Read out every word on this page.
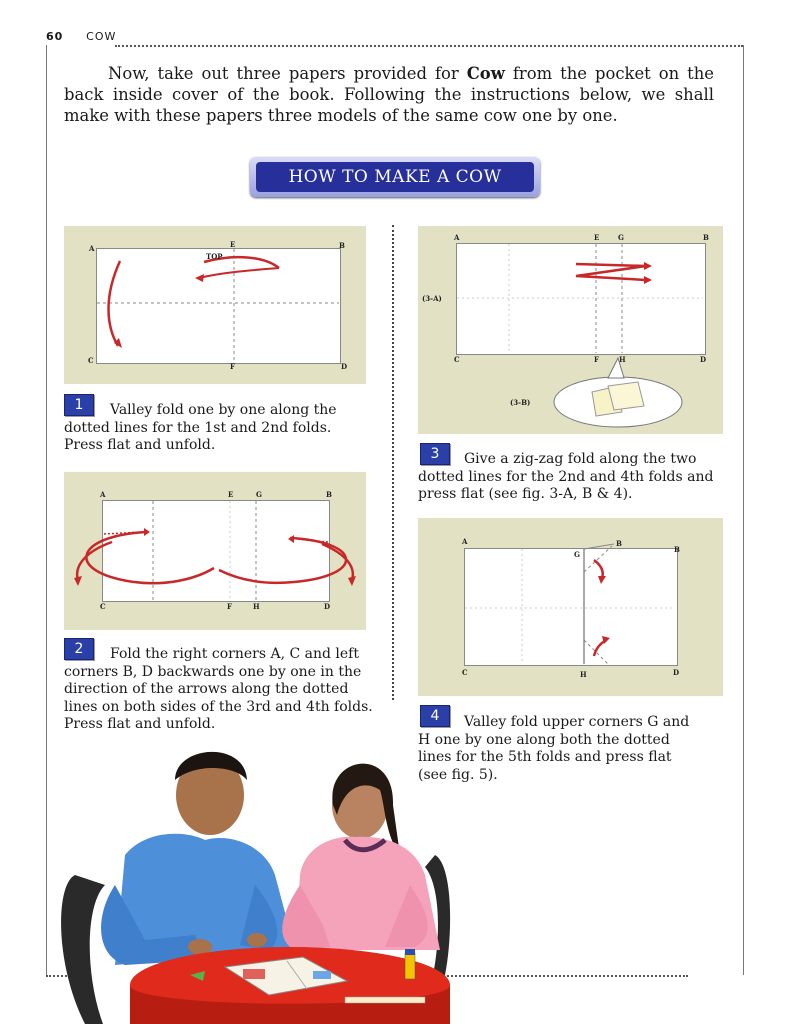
60 COW

Now, take out three papers provided for Cow from the pocket on the back inside cover of the book. Following the instructions below, we shall make with these papers three models of the same cow one by one.

HOW TO MAKE A COW
A	E	B
TOP
C
F	D
1	Valley fold one by one along the dotted lines for the 1st and 2nd folds. Press flat and unfold.
A	E	G	B
C	F	H	D
2	Fold the right corners A, C and left corners B, D backwards one by one in the direction of the arrows along the dotted lines on both sides of the 3rd and 4th folds. Press flat and unfold.
A	E	G	B
(3-A)
C	F	H	D
(3-B)
3	Give a zig-zag fold along the two dotted lines for the 2nd and 4th folds and press flat (see fig. 3-A, B & 4).
A
G
B
B
C	H	D
4	Valley fold upper corners G and H one by one along both the dotted lines for the 5th folds and press flat (see fig. 5).
